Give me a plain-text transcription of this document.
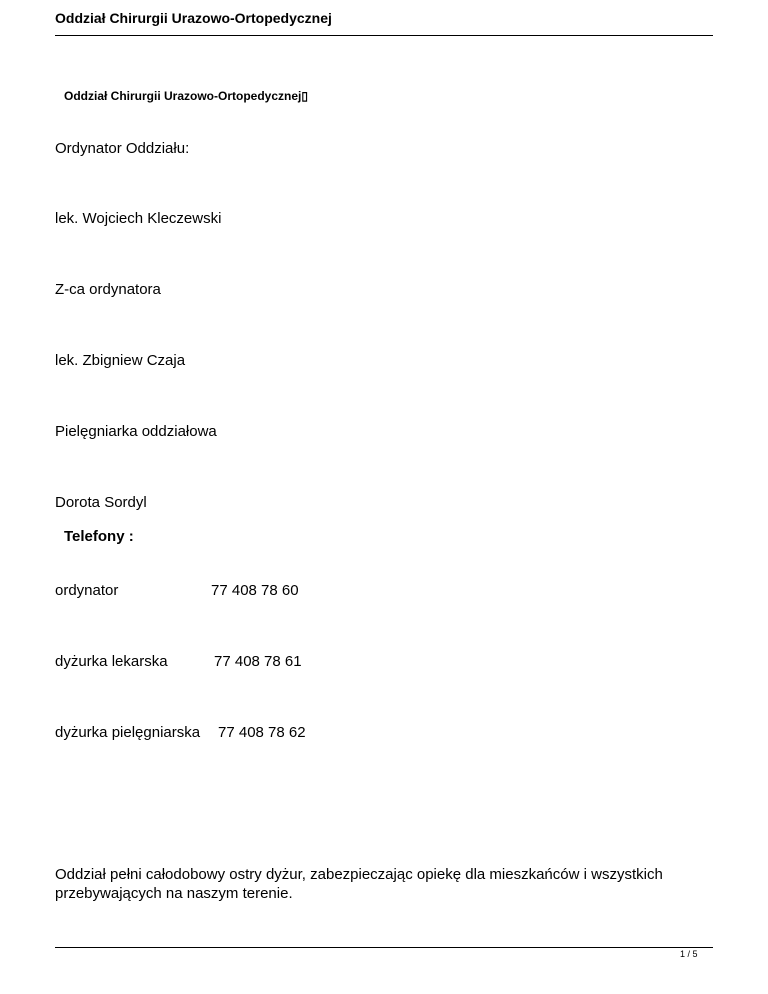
Oddział Chirurgii Urazowo-Ortopedycznej
Oddział Chirurgii Urazowo-Ortopedycznej▯
Ordynator Oddziału:
lek. Wojciech Kleczewski
Z-ca ordynatora
lek. Zbigniew Czaja
Pielęgniarka oddziałowa
Dorota Sordyl
Telefony :
ordynator	77 408 78 60
dyżurka lekarska	77 408 78 61
dyżurka pielęgniarska 77 408 78 62
Oddział pełni całodobowy ostry dyżur, zabezpieczając opiekę dla mieszkańców i wszystkich przebywających na naszym terenie.
1 / 5
